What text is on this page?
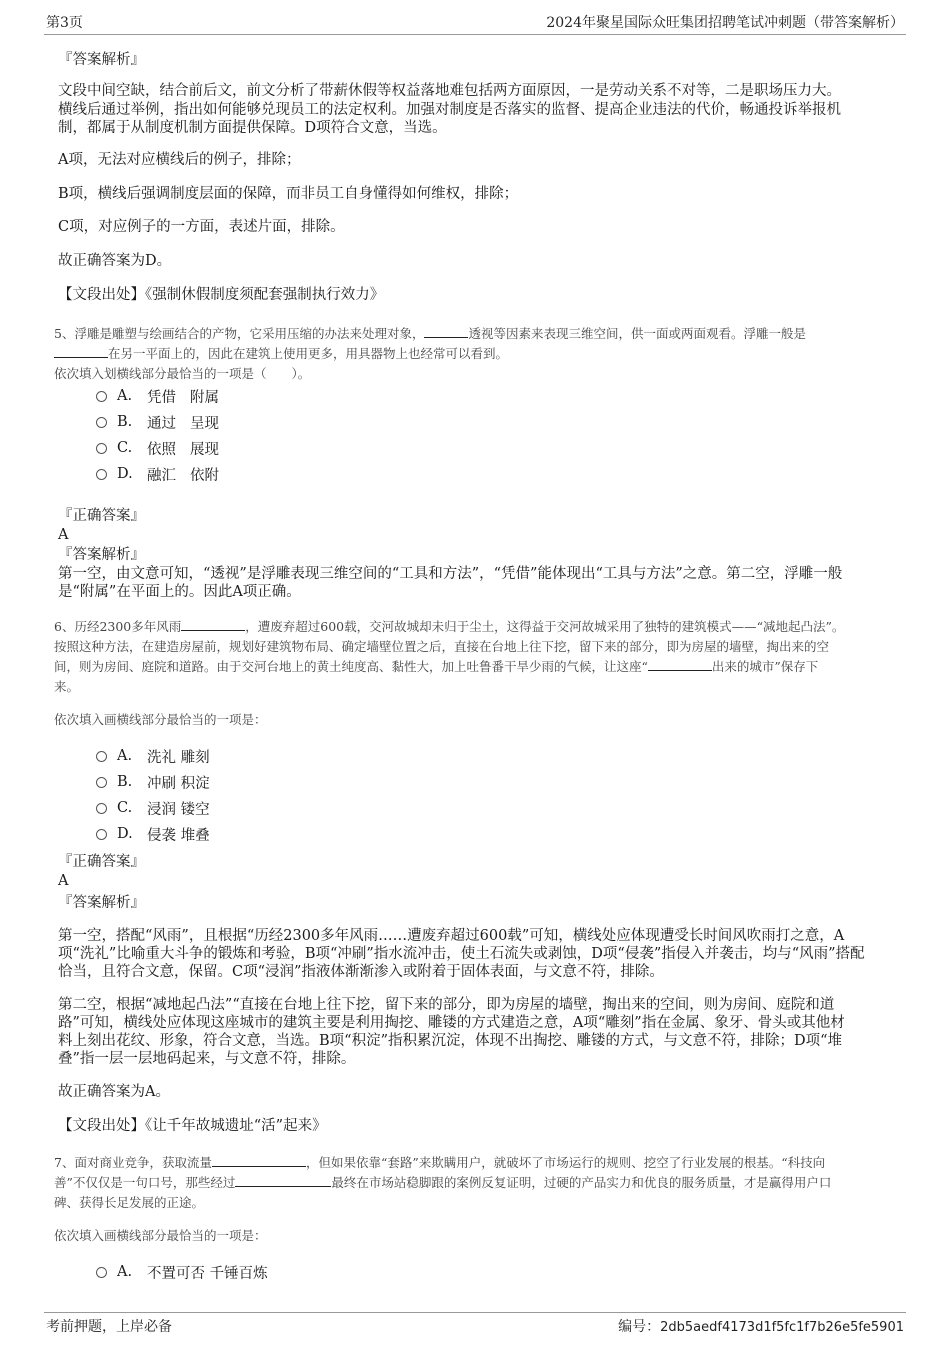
第3页	2024年聚星国际众旺集团招聘笔试冲刺题（带答案解析）
『答案解析』
文段中间空缺，结合前后文，前文分析了带薪休假等权益落地难包括两方面原因，一是劳动关系不对等，二是职场压力大。
横线后通过举例，指出如何能够兑现员工的法定权利。加强对制度是否落实的监督、提高企业违法的代价，畅通投诉举报机
制，都属于从制度机制方面提供保障。D项符合文意，当选。
A项，无法对应横线后的例子，排除；
B项，横线后强调制度层面的保障，而非员工自身懂得如何维权，排除；
C项，对应例子的一方面，表述片面，排除。
故正确答案为D。
【文段出处】《强制休假制度须配套强制执行效力》
5、浮雕是雕塑与绘画结合的产物，它采用压缩的办法来处理对象，	透视等因素来表现三维空间，供一面或两面观看。浮雕一般是
在另一平面上的，因此在建筑上使用更多，用具器物上也经常可以看到。
依次填入划横线部分最恰当的一项是（　　）。
A.	凭借 附属
B.	通过 呈现
C.	依照 展现
D. 融汇 依附
『正确答案』
A
『答案解析』
第一空，由文意可知，“透视”是浮雕表现三维空间的“工具和方法”，“凭借”能体现出“工具与方法”之意。第二空，浮雕一般
是“附属”在平面上的。因此A项正确。
6、历经2300多年风雨	，遭废弃超过600载，交河故城却未归于尘土，这得益于交河故城采用了独特的建筑模式——“减地起凸法”。
按照这种方法，在建造房屋前，规划好建筑物布局、确定墙壁位置之后，直接在台地上往下挖，留下来的部分，即为房屋的墙壁，掏出来的空
间，则为房间、庭院和道路。由于交河台地上的黄土纯度高、黏性大，加上吐鲁番干旱少雨的气候，让这座“	出来的城市”保存下
来。
依次填入画横线部分最恰当的一项是：
A.	洗礼 雕刻
B.	冲刷 积淀
C.	浸润 镂空
D. 侵袭 堆叠
『正确答案』
A
『答案解析』
第一空，搭配“风雨”，且根据“历经2300多年风雨……遭废弃超过600载”可知，横线处应体现遭受长时间风吹雨打之意，A
项“洗礼”比喻重大斗争的锻炼和考验，B项“冲刷”指水流冲击，使土石流失或剥蚀，D项“侵袭”指侵入并袭击，均与“风雨”搭配
恰当，且符合文意，保留。C项“浸润”指液体渐渐渗入或附着于固体表面，与文意不符，排除。
第二空，根据“减地起凸法”“直接在台地上往下挖，留下来的部分，即为房屋的墙壁，掏出来的空间，则为房间、庭院和道
路”可知，横线处应体现这座城市的建筑主要是利用掏挖、雕镂的方式建造之意，A项“雕刻”指在金属、象牙、骨头或其他材
料上刻出花纹、形象，符合文意，当选。B项“积淀”指积累沉淀，体现不出掏挖、雕镂的方式，与文意不符，排除；D项“堆
叠”指一层一层地码起来，与文意不符，排除。
故正确答案为A。
【文段出处】《让千年故城遗址“活”起来》
7、面对商业竞争，获取流量	，但如果依靠“套路”来欺瞒用户，就破坏了市场运行的规则、挖空了行业发展的根基。“科技向
善”不仅仅是一句口号，那些经过	最终在市场站稳脚跟的案例反复证明，过硬的产品实力和优良的服务质量，才是赢得用户口
碑、获得长足发展的正途。
依次填入画横线部分最恰当的一项是：
A.	不置可否 千锤百炼
考前押题，上岸必备	编号：2db5aedf4173d1f5fc1f7b26e5fe5901
